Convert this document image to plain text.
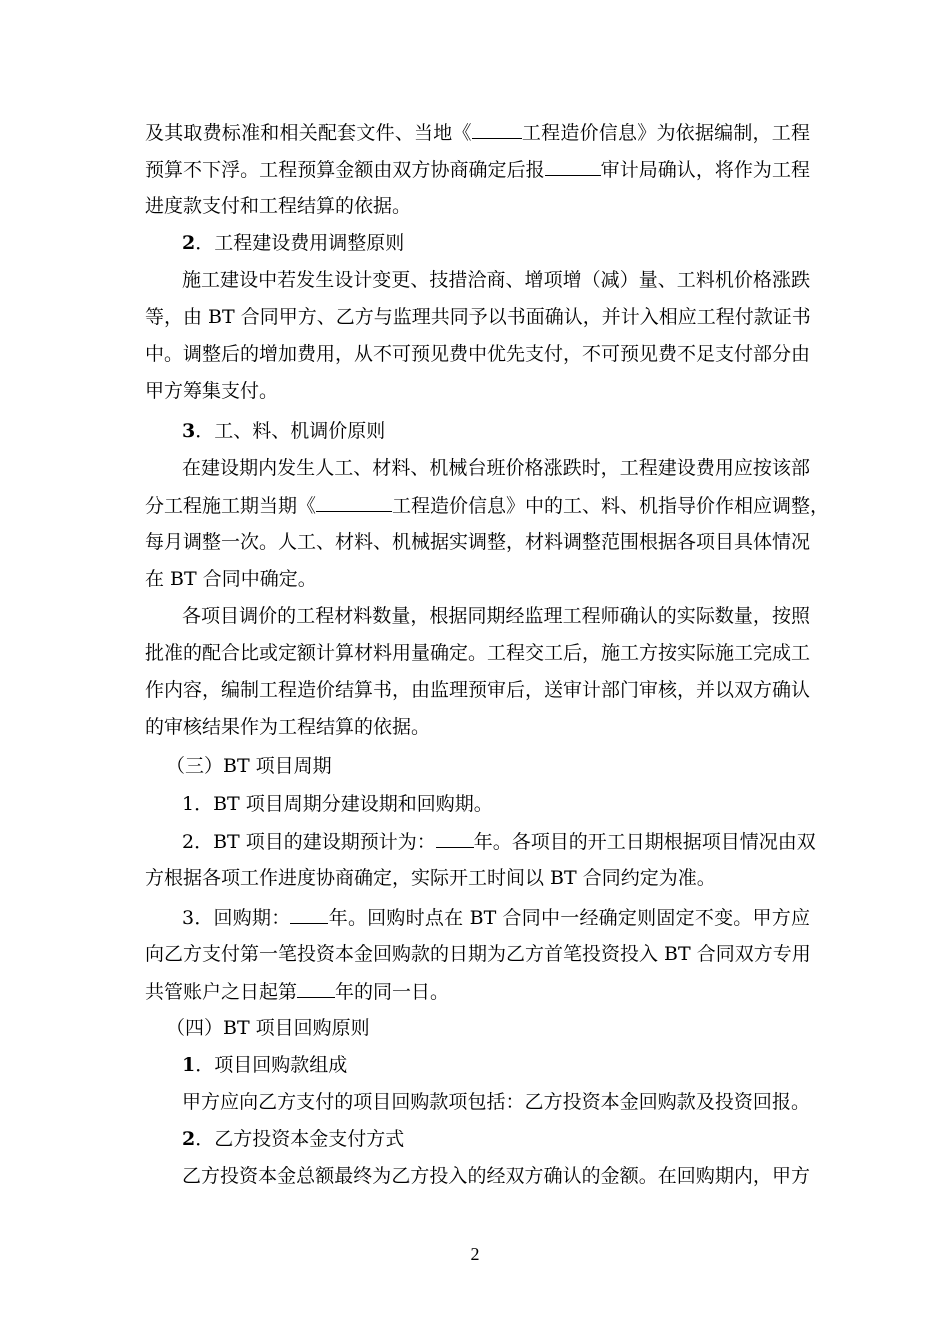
及其取费标准和相关配套文件、当地《	工程造价信息》为依据编制，工程
预算不下浮。工程预算金额由双方协商确定后报	审计局确认，将作为工程
进度款支付和工程结算的依据。
2．工程建设费用调整原则
施工建设中若发生设计变更、技措洽商、增项增（减）量、工料机价格涨跌
等，由 BT 合同甲方、乙方与监理共同予以书面确认，并计入相应工程付款证书
中。调整后的增加费用，从不可预见费中优先支付，不可预见费不足支付部分由
甲方筹集支付。
3．工、料、机调价原则
在建设期内发生人工、材料、机械台班价格涨跌时，工程建设费用应按该部
分工程施工期当期《	工程造价信息》中的工、料、机指导价作相应调整，
每月调整一次。人工、材料、机械据实调整，材料调整范围根据各项目具体情况
在 BT 合同中确定。
各项目调价的工程材料数量，根据同期经监理工程师确认的实际数量，按照
批准的配合比或定额计算材料用量确定。工程交工后，施工方按实际施工完成工
作内容，编制工程造价结算书，由监理预审后，送审计部门审核，并以双方确认
的审核结果作为工程结算的依据。
（三）BT 项目周期
1．BT 项目周期分建设期和回购期。
2．BT 项目的建设期预计为： 年。各项目的开工日期根据项目情况由双
方根据各项工作进度协商确定，实际开工时间以 BT 合同约定为准。
3．回购期： 年。回购时点在 BT 合同中一经确定则固定不变。甲方应
向乙方支付第一笔投资本金回购款的日期为乙方首笔投资投入 BT 合同双方专用
共管账户之日起第 年的同一日。
（四）BT 项目回购原则
1．项目回购款组成
甲方应向乙方支付的项目回购款项包括：乙方投资本金回购款及投资回报。
2．乙方投资本金支付方式
乙方投资本金总额最终为乙方投入的经双方确认的金额。在回购期内，甲方
2
